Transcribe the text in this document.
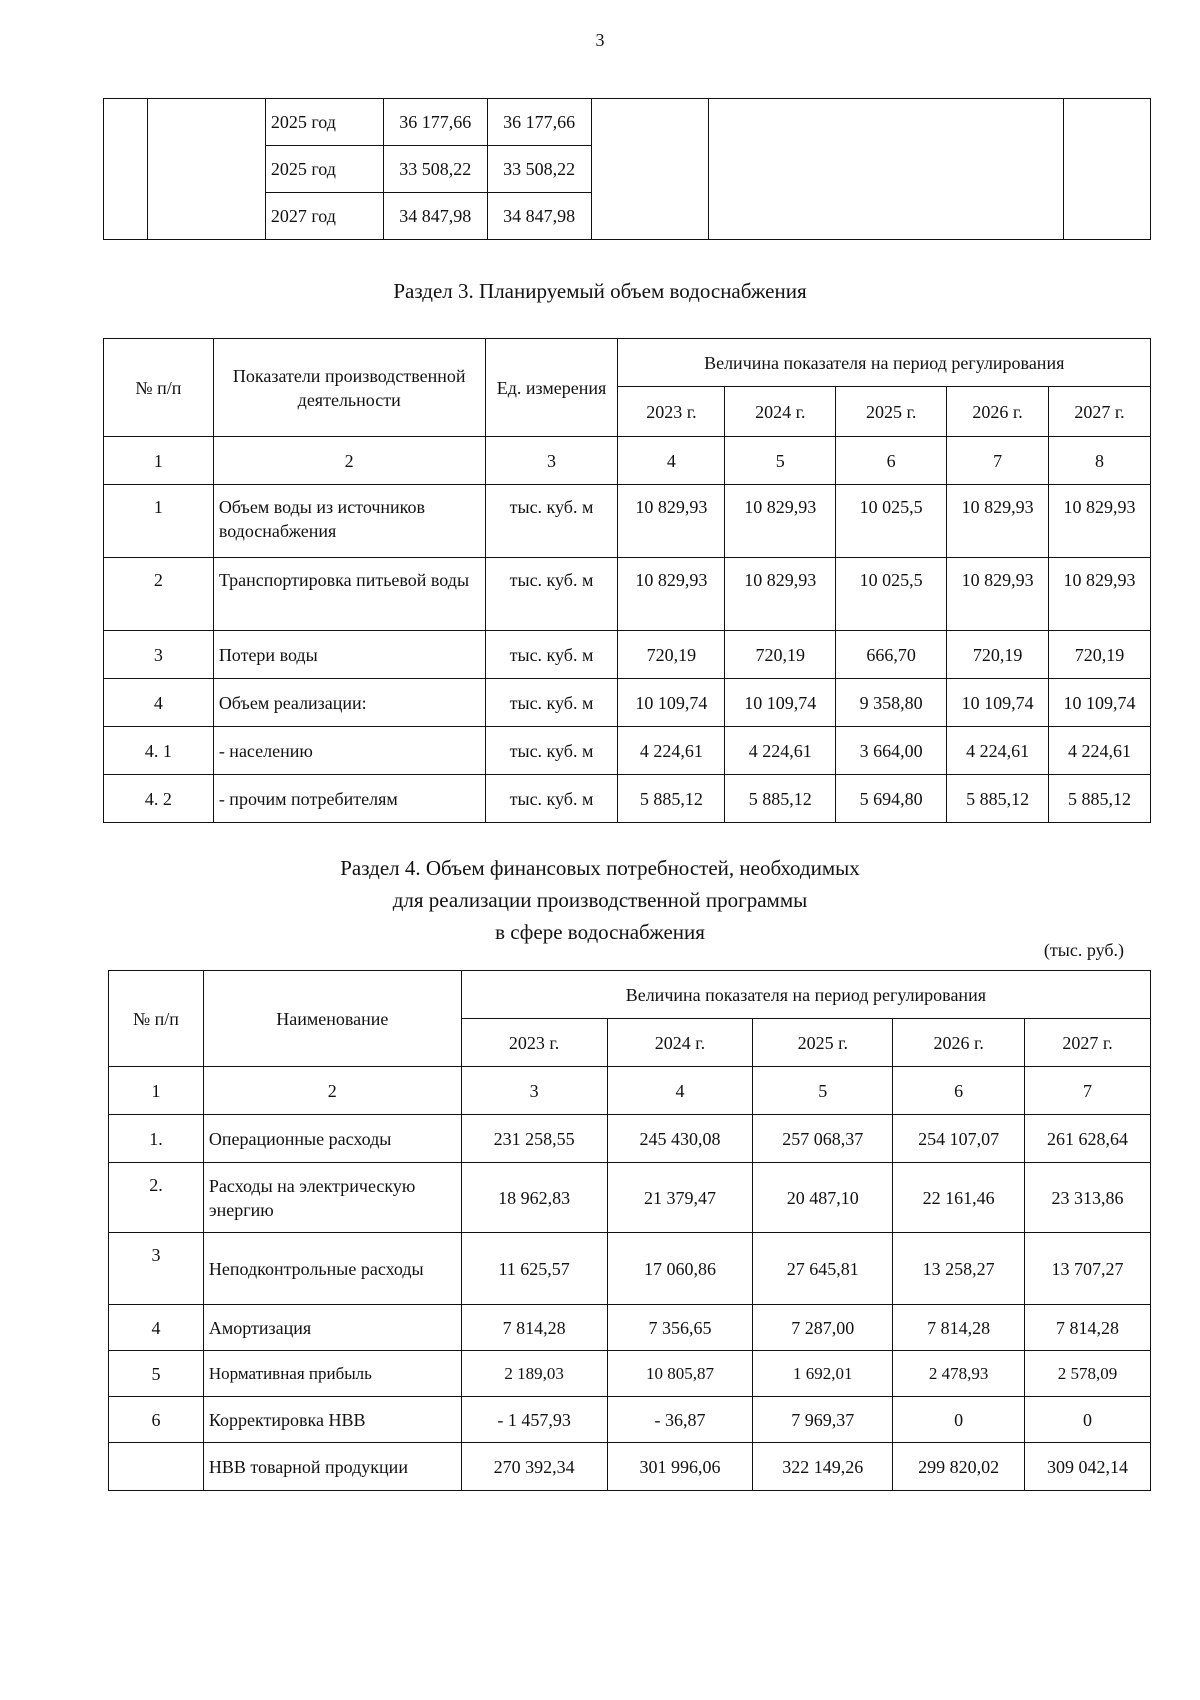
3
		2025 год	36 177,66	36 177,66			
		2025 год	33 508,22	33 508,22			
		2027 год	34 847,98	34 847,98			
Раздел 3. Планируемый объем водоснабжения
№ п/п	Показатели производственной деятельности	Ед. измерения	Величина показателя на период регулирования				
			2023 г.	2024 г.	2025 г.	2026 г.	2027 г.
1	2	3	4	5	6	7	8
1	Объем воды из источников водоснабжения	тыс. куб. м	10 829,93	10 829,93	10 025,5	10 829,93	10 829,93
2	Транспортировка питьевой воды	тыс. куб. м	10 829,93	10 829,93	10 025,5	10 829,93	10 829,93
3	Потери воды	тыс. куб. м	720,19	720,19	666,70	720,19	720,19
4	Объем реализации:	тыс. куб. м	10 109,74	10 109,74	9 358,80	10 109,74	10 109,74
4. 1	- населению	тыс. куб. м	4 224,61	4 224,61	3 664,00	4 224,61	4 224,61
4. 2	- прочим потребителям	тыс. куб. м	5 885,12	5 885,12	5 694,80	5 885,12	5 885,12
Раздел 4. Объем финансовых потребностей, необходимых
для реализации производственной программы
в сфере водоснабжения
(тыс. руб.)
№ п/п	Наименование	Величина показателя на период регулирования				
		2023 г.	2024 г.	2025 г.	2026 г.	2027 г.
1	2	3	4	5	6	7
1.	Операционные расходы	231 258,55	245 430,08	257 068,37	254 107,07	261 628,64
2.	Расходы на электрическую энергию	18 962,83	21 379,47	20 487,10	22 161,46	23 313,86
3	Неподконтрольные расходы	11 625,57	17 060,86	27 645,81	13 258,27	13 707,27
4	Амортизация	7 814,28	7 356,65	7 287,00	7 814,28	7 814,28
5	Нормативная прибыль	2 189,03	10 805,87	1 692,01	2 478,93	2 578,09
6	Корректировка НВВ	- 1 457,93	- 36,87	7 969,37	0	0
	НВВ товарной продукции	270 392,34	301 996,06	322 149,26	299 820,02	309 042,14
